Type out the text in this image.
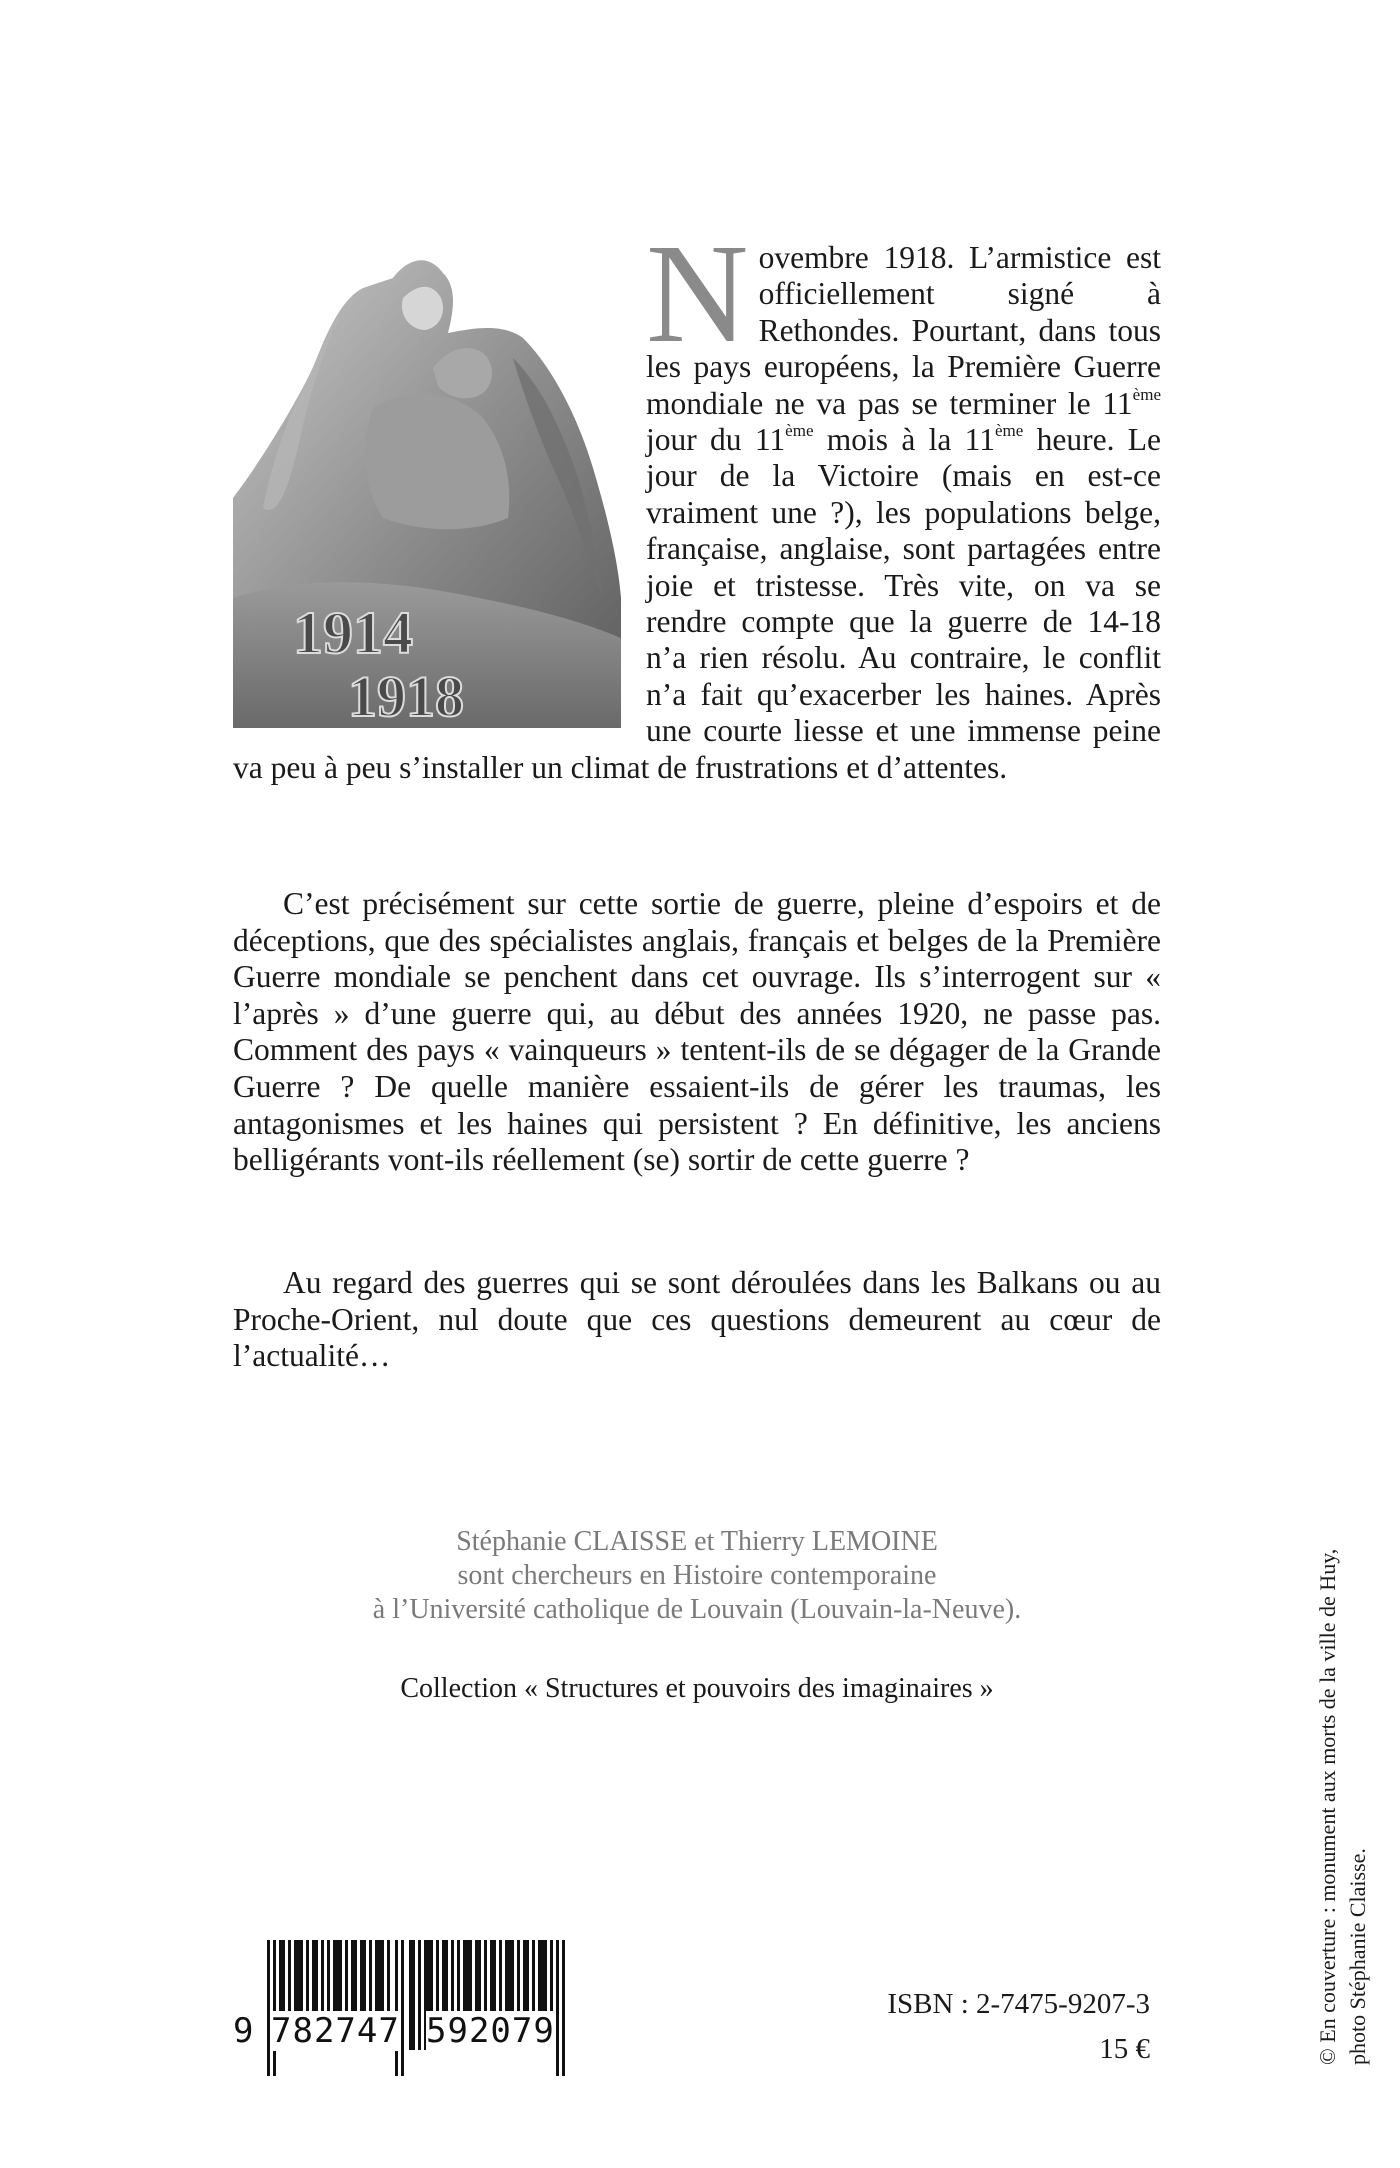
1914
1918
Novembre 1918. L’armistice est officiellement signé à Rethondes. Pourtant, dans tous les pays européens, la Première Guerre mondiale ne va pas se terminer le 11ème jour du 11ème mois à la 11ème heure. Le jour de la Victoire (mais en est-ce vraiment une ?), les populations belge, française, anglaise, sont partagées entre joie et tristesse. Très vite, on va se rendre compte que la guerre de 14-18 n’a rien résolu. Au contraire, le conflit n’a fait qu’exacerber les haines. Après une courte liesse et une immense peine va peu à peu s’installer un climat de frustrations et d’attentes.

C’est précisément sur cette sortie de guerre, pleine d’espoirs et de déceptions, que des spécialistes anglais, français et belges de la Première Guerre mondiale se penchent dans cet ouvrage. Ils s’interrogent sur « l’après » d’une guerre qui, au début des années 1920, ne passe pas. Comment des pays « vainqueurs » tentent-ils de se dégager de la Grande Guerre ? De quelle manière essaient-ils de gérer les traumas, les antagonismes et les haines qui persistent ? En définitive, les anciens belligérants vont-ils réellement (se) sortir de cette guerre ?

Au regard des guerres qui se sont déroulées dans les Balkans ou au Proche-Orient, nul doute que ces questions demeurent au cœur de l’actualité…

Stéphanie CLAISSE et Thierry LEMOINE
sont chercheurs en Histoire contemporaine
à l’Université catholique de Louvain (Louvain-la-Neuve).
Collection « Structures et pouvoirs des imaginaires »
9 782747 592079
ISBN : 2-7475-9207-3
15 €	© En couverture : monument aux morts de la ville de Huy, photo Stéphanie Claisse.
